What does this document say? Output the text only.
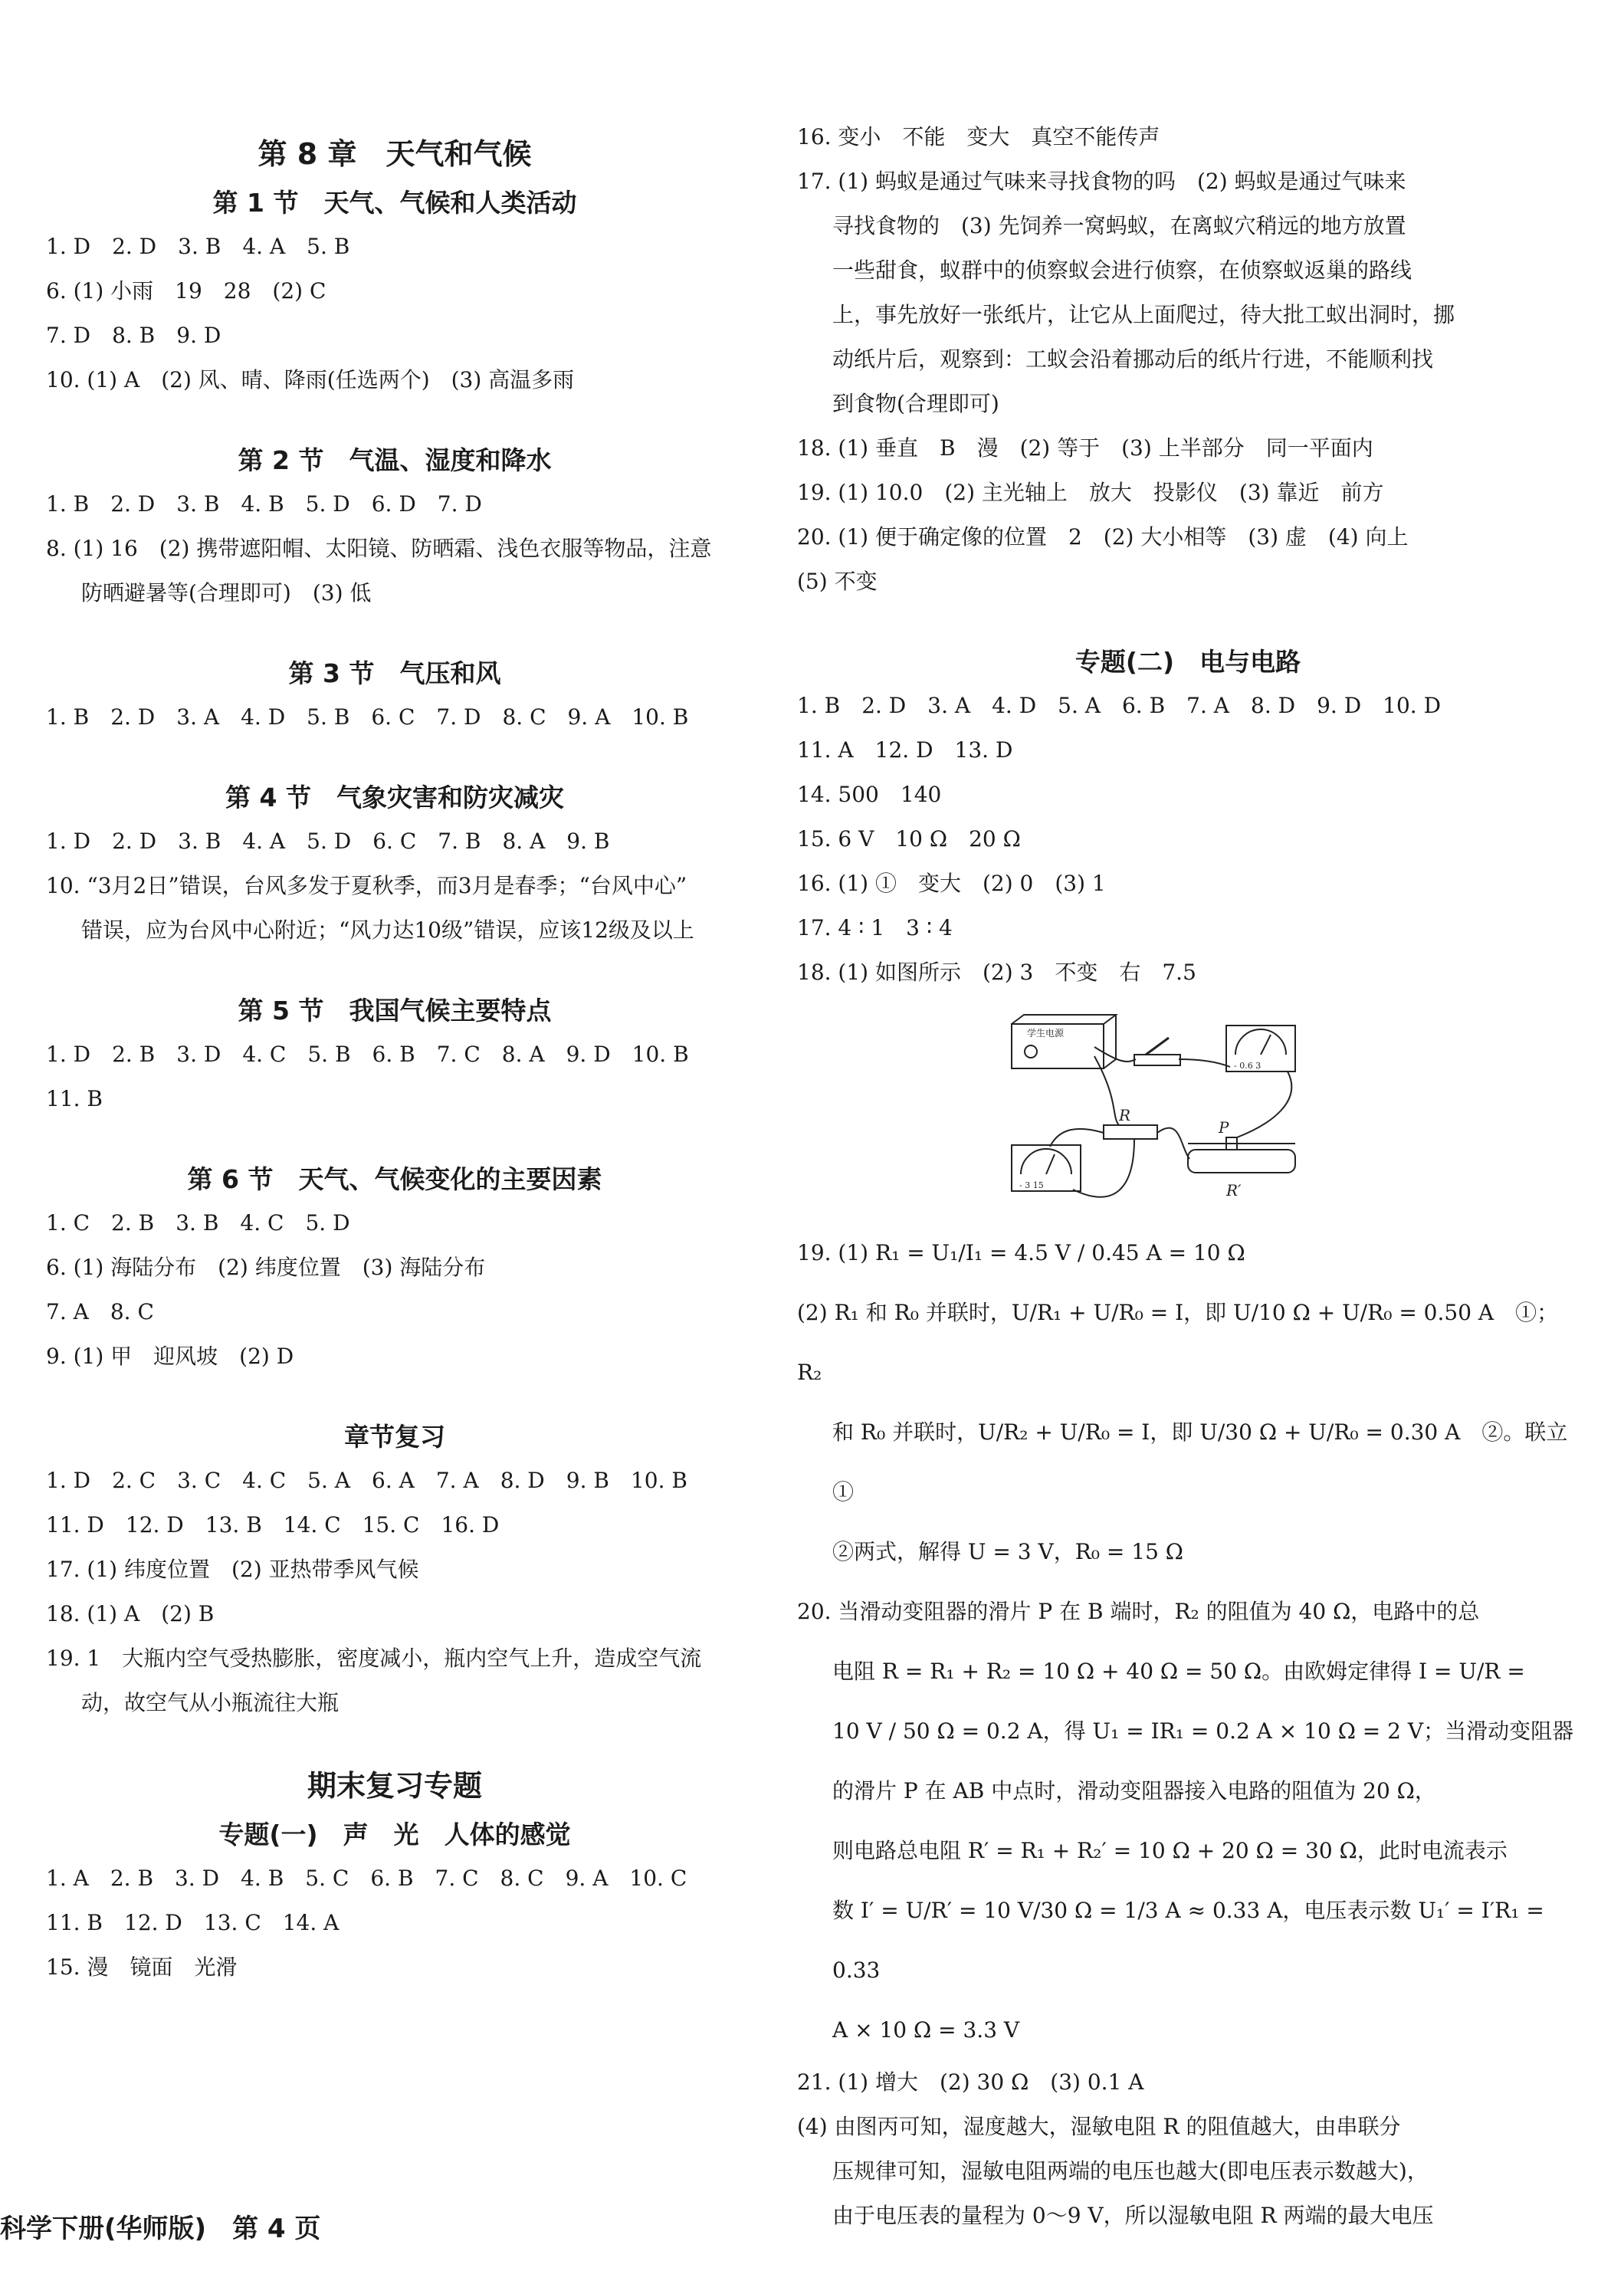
第 8 章　天气和气候
第 1 节　天气、气候和人类活动
1. D　2. D　3. B　4. A　5. B
6. (1) 小雨　19　28　(2) C
7. D　8. B　9. D
10. (1) A　(2) 风、晴、降雨(任选两个)　(3) 高温多雨
第 2 节　气温、湿度和降水
1. B　2. D　3. B　4. B　5. D　6. D　7. D
8. (1) 16　(2) 携带遮阳帽、太阳镜、防晒霜、浅色衣服等物品，注意
防晒避暑等(合理即可)　(3) 低
第 3 节　气压和风
1. B　2. D　3. A　4. D　5. B　6. C　7. D　8. C　9. A　10. B
第 4 节　气象灾害和防灾减灾
1. D　2. D　3. B　4. A　5. D　6. C　7. B　8. A　9. B
10. “3月2日”错误，台风多发于夏秋季，而3月是春季；“台风中心”
错误，应为台风中心附近；“风力达10级”错误，应该12级及以上
第 5 节　我国气候主要特点
1. D　2. B　3. D　4. C　5. B　6. B　7. C　8. A　9. D　10. B
11. B
第 6 节　天气、气候变化的主要因素
1. C　2. B　3. B　4. C　5. D
6. (1) 海陆分布　(2) 纬度位置　(3) 海陆分布
7. A　8. C
9. (1) 甲　迎风坡　(2) D
章节复习
1. D　2. C　3. C　4. C　5. A　6. A　7. A　8. D　9. B　10. B
11. D　12. D　13. B　14. C　15. C　16. D
17. (1) 纬度位置　(2) 亚热带季风气候
18. (1) A　(2) B
19. 1　大瓶内空气受热膨胀，密度减小，瓶内空气上升，造成空气流
动，故空气从小瓶流往大瓶
期末复习专题
专题(一)　声　光　人体的感觉
1. A　2. B　3. D　4. B　5. C　6. B　7. C　8. C　9. A　10. C
11. B　12. D　13. C　14. A
15. 漫　镜面　光滑
16. 变小　不能　变大　真空不能传声
17. (1) 蚂蚁是通过气味来寻找食物的吗　(2) 蚂蚁是通过气味来
寻找食物的　(3) 先饲养一窝蚂蚁，在离蚁穴稍远的地方放置
一些甜食，蚁群中的侦察蚁会进行侦察，在侦察蚁返巢的路线
上，事先放好一张纸片，让它从上面爬过，待大批工蚁出洞时，挪
动纸片后，观察到：工蚁会沿着挪动后的纸片行进，不能顺利找
到食物(合理即可)
18. (1) 垂直　B　漫　(2) 等于　(3) 上半部分　同一平面内
19. (1) 10.0　(2) 主光轴上　放大　投影仪　(3) 靠近　前方
20. (1) 便于确定像的位置　2　(2) 大小相等　(3) 虚　(4) 向上
(5) 不变
专题(二)　电与电路
1. B　2. D　3. A　4. D　5. A　6. B　7. A　8. D　9. D　10. D
11. A　12. D　13. D
14. 500　140
15. 6 V　10 Ω　20 Ω
16. (1) ①　变大　(2) 0　(3) 1
17. 4 ∶ 1　3 ∶ 4
18. (1) 如图所示　(2) 3　不变　右　7.5
学生电源
R
P
R′
- 0.6 3
- 3 15
19. (1) R₁ = U₁/I₁ = 4.5 V / 0.45 A = 10 Ω
(2) R₁ 和 R₀ 并联时，U/R₁ + U/R₀ = I，即 U/10 Ω + U/R₀ = 0.50 A　①；R₂
和 R₀ 并联时，U/R₂ + U/R₀ = I，即 U/30 Ω + U/R₀ = 0.30 A　②。联立①
②两式，解得 U = 3 V，R₀ = 15 Ω
20. 当滑动变阻器的滑片 P 在 B 端时，R₂ 的阻值为 40 Ω，电路中的总
电阻 R = R₁ + R₂ = 10 Ω + 40 Ω = 50 Ω。由欧姆定律得 I = U/R =
10 V / 50 Ω = 0.2 A，得 U₁ = IR₁ = 0.2 A × 10 Ω = 2 V；当滑动变阻器
的滑片 P 在 AB 中点时，滑动变阻器接入电路的阻值为 20 Ω，
则电路总电阻 R′ = R₁ + R₂′ = 10 Ω + 20 Ω = 30 Ω，此时电流表示
数 I′ = U/R′ = 10 V/30 Ω = 1/3 A ≈ 0.33 A，电压表示数 U₁′ = I′R₁ = 0.33
A × 10 Ω = 3.3 V
21. (1) 增大　(2) 30 Ω　(3) 0.1 A
(4) 由图丙可知，湿度越大，湿敏电阻 R 的阻值越大，由串联分
压规律可知，湿敏电阻两端的电压也越大(即电压表示数越大)，
由于电压表的量程为 0～9 V，所以湿敏电阻 R 两端的最大电压
科学下册(华师版)　第 4 页
